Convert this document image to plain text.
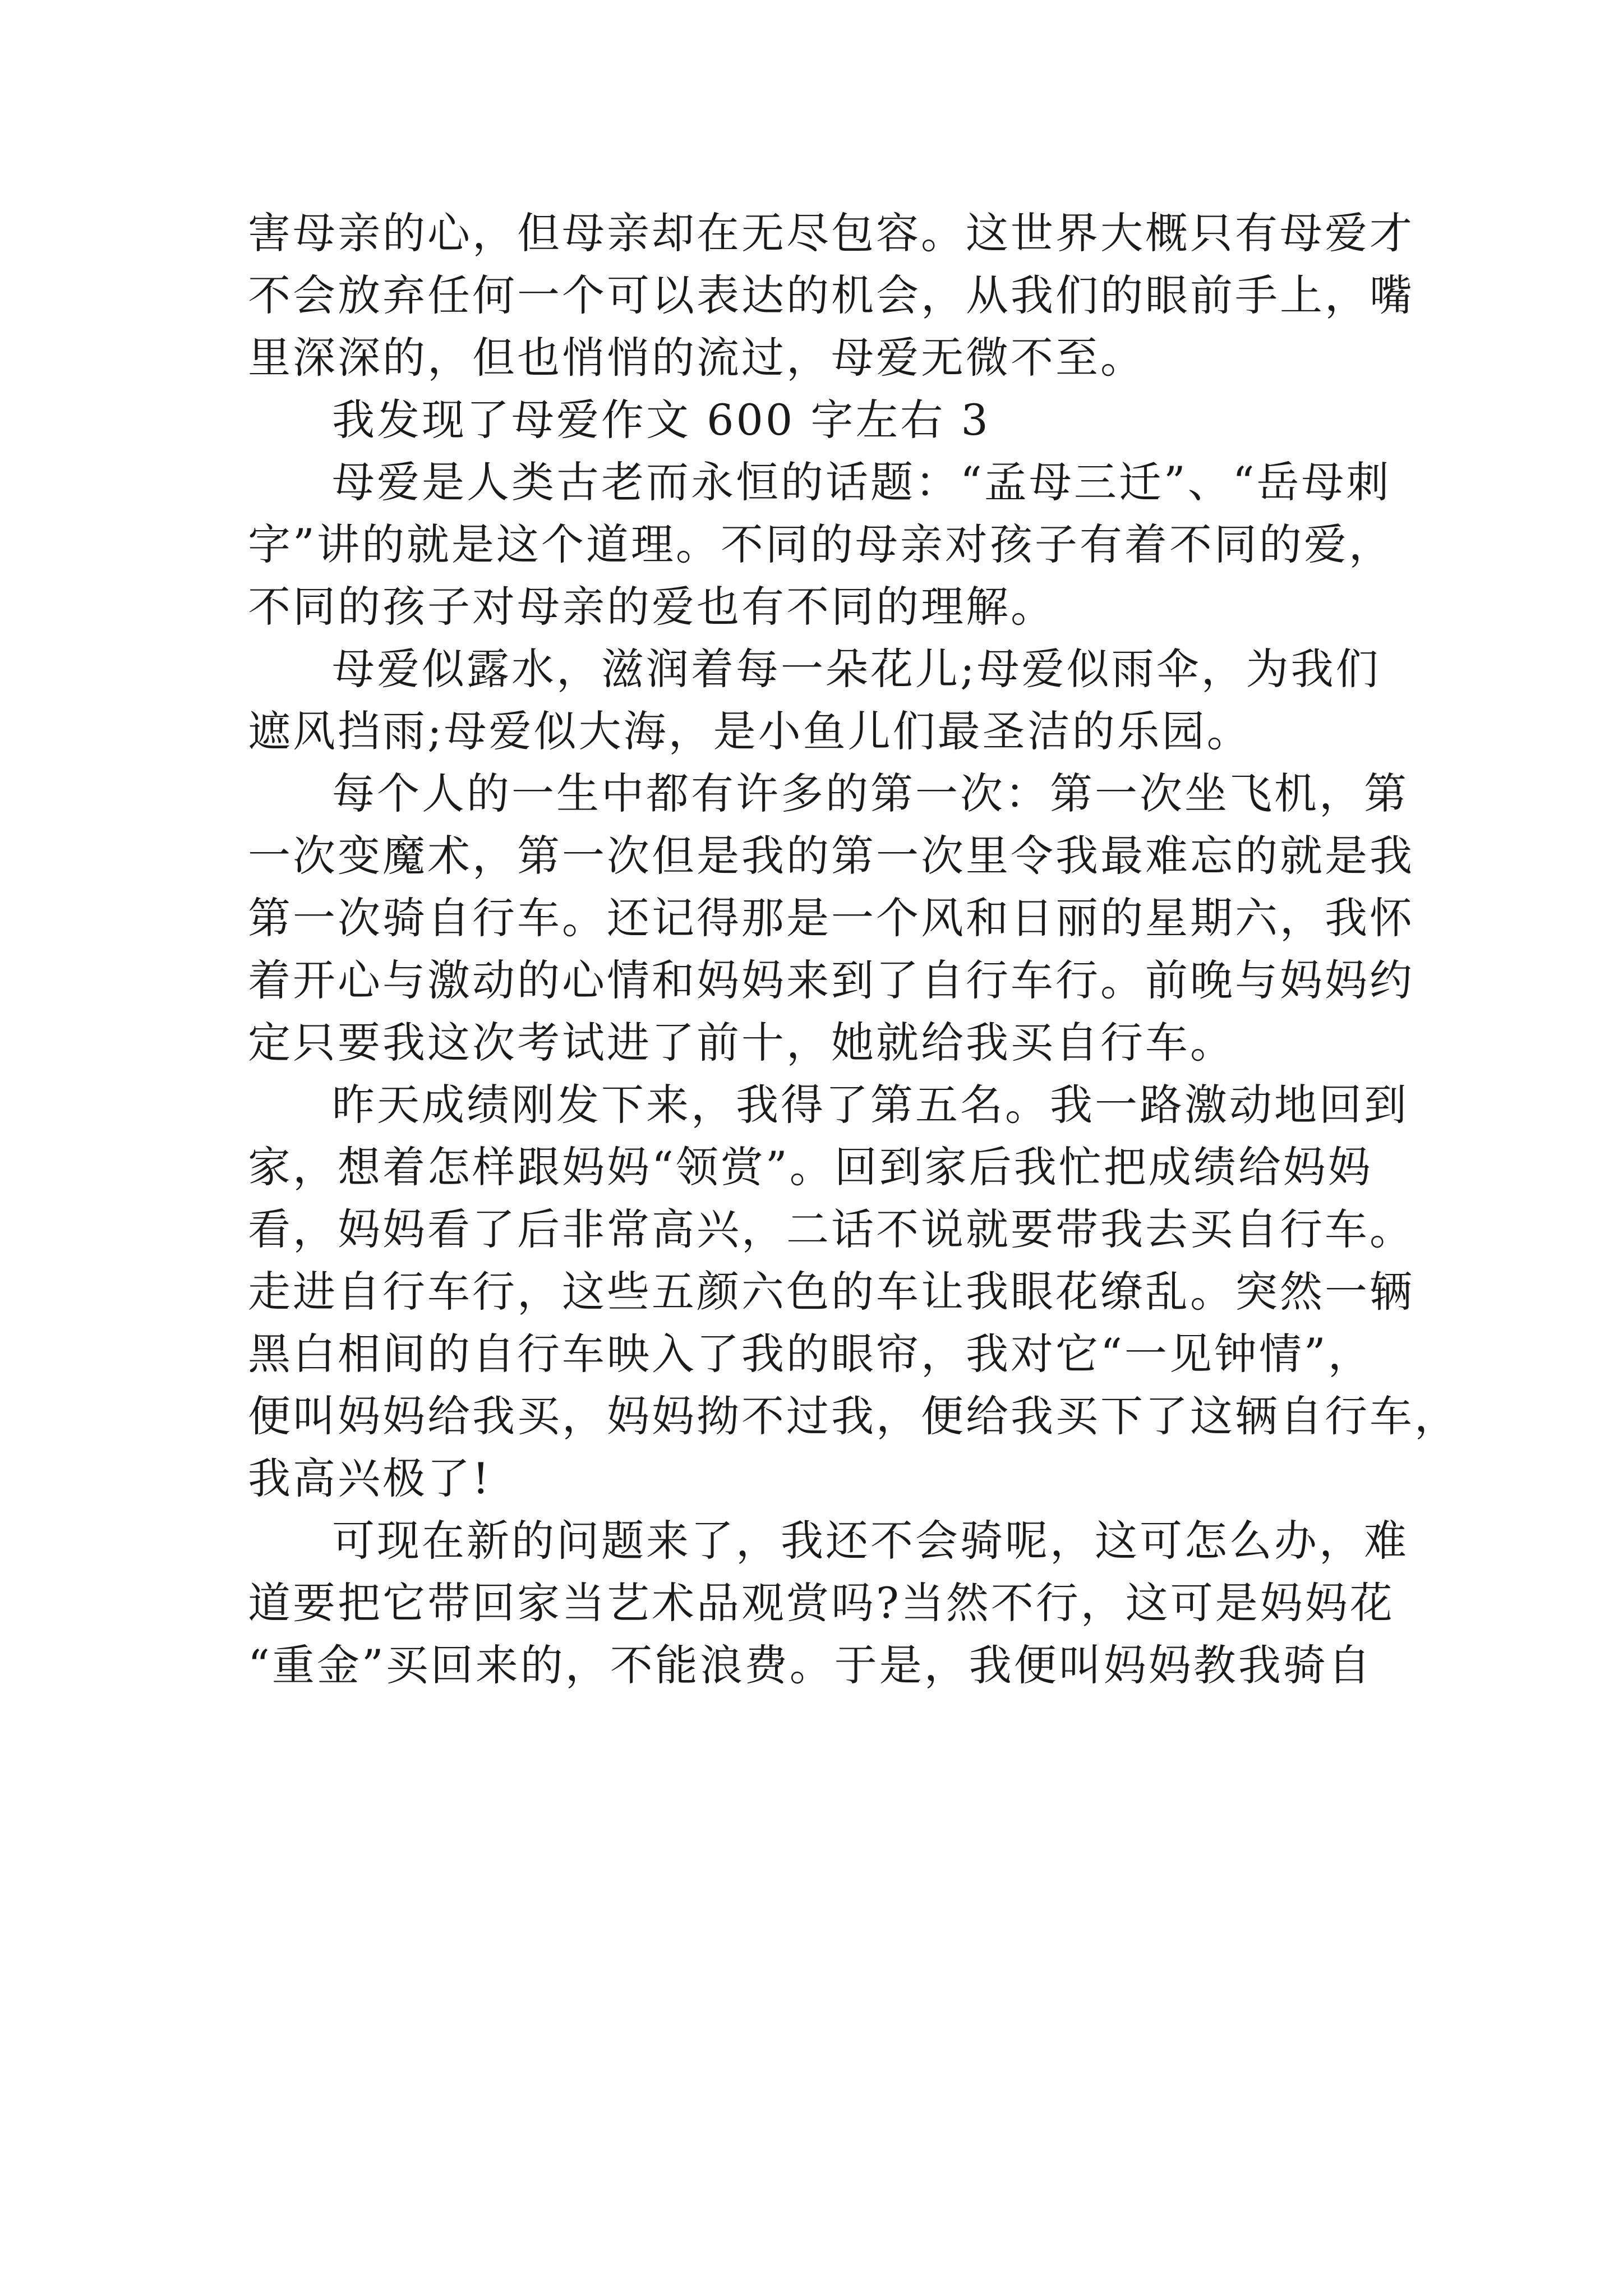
害母亲的心，但母亲却在无尽包容。这世界大概只有母爱才
不会放弃任何一个可以表达的机会，从我们的眼前手上，嘴
里深深的，但也悄悄的流过，母爱无微不至。
我发现了母爱作文 600 字左右 3
母爱是人类古老而永恒的话题：“孟母三迁”、“岳母刺
字”讲的就是这个道理。不同的母亲对孩子有着不同的爱，
不同的孩子对母亲的爱也有不同的理解。
母爱似露水，滋润着每一朵花儿;母爱似雨伞，为我们
遮风挡雨;母爱似大海，是小鱼儿们最圣洁的乐园。
每个人的一生中都有许多的第一次：第一次坐飞机，第
一次变魔术，第一次但是我的第一次里令我最难忘的就是我
第一次骑自行车。还记得那是一个风和日丽的星期六，我怀
着开心与激动的心情和妈妈来到了自行车行。前晚与妈妈约
定只要我这次考试进了前十，她就给我买自行车。
昨天成绩刚发下来，我得了第五名。我一路激动地回到
家，想着怎样跟妈妈“领赏”。回到家后我忙把成绩给妈妈
看，妈妈看了后非常高兴，二话不说就要带我去买自行车。
走进自行车行，这些五颜六色的车让我眼花缭乱。突然一辆
黑白相间的自行车映入了我的眼帘，我对它“一见钟情”，
便叫妈妈给我买，妈妈拗不过我，便给我买下了这辆自行车，
我高兴极了!
可现在新的问题来了，我还不会骑呢，这可怎么办，难
道要把它带回家当艺术品观赏吗?当然不行，这可是妈妈花
“重金”买回来的，不能浪费。于是，我便叫妈妈教我骑自
